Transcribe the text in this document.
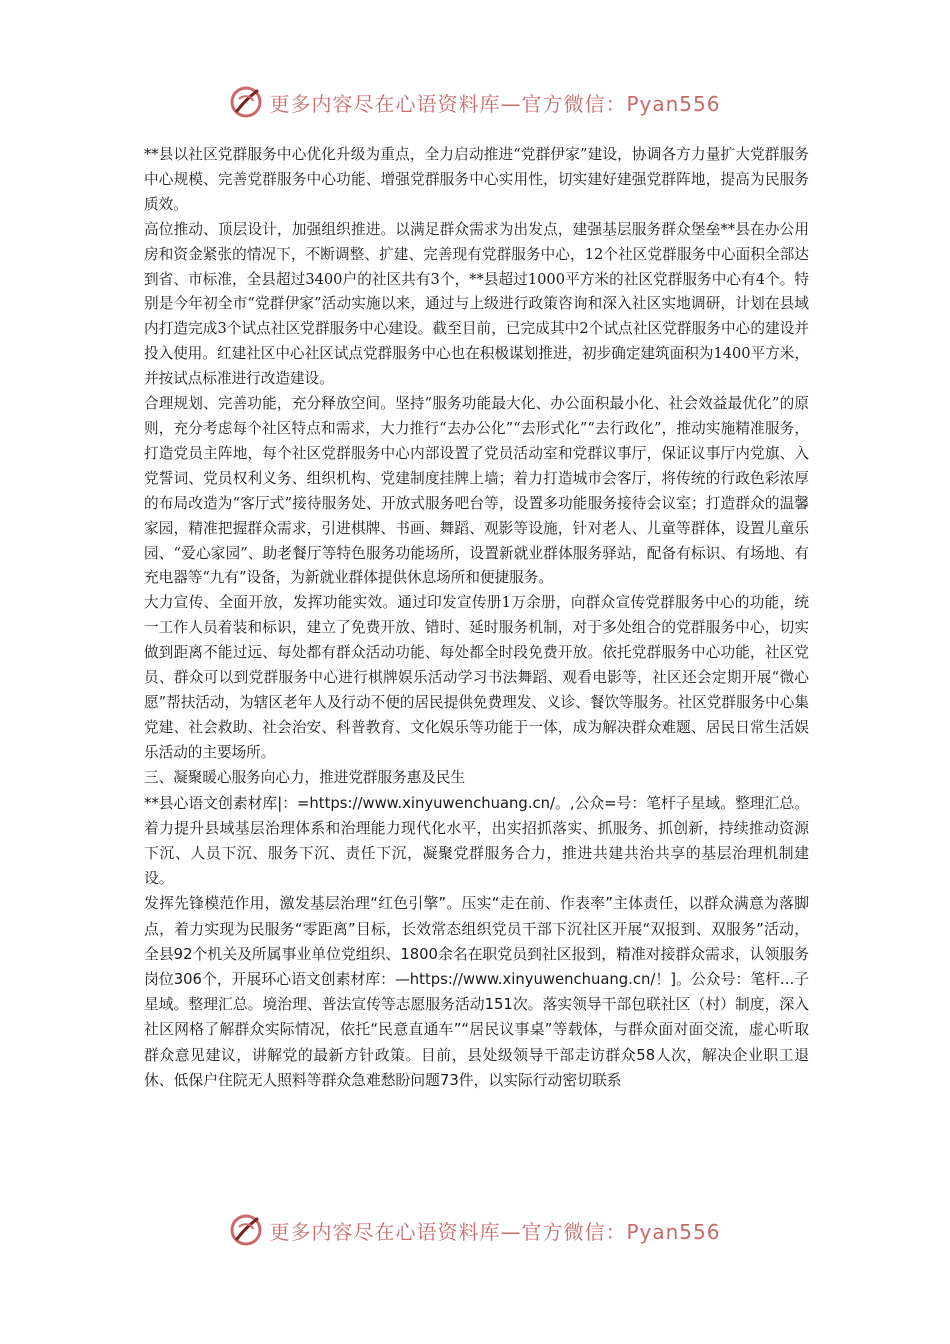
更多内容尽在心语资料库—官方微信：Pyan556

**县以社区党群服务中心优化升级为重点，全力启动推进“党群伊家”建设，协调各方力量扩大党群服务中心规模、完善党群服务中心功能、增强党群服务中心实用性，切实建好建强党群阵地，提高为民服务质效。

高位推动、顶层设计，加强组织推进。以满足群众需求为出发点，建强基层服务群众堡垒**县在办公用房和资金紧张的情况下，不断调整、扩建、完善现有党群服务中心，12个社区党群服务中心面积全部达到省、市标准，全县超过3400户的社区共有3个，**县超过1000平方米的社区党群服务中心有4个。特别是今年初全市“党群伊家”活动实施以来，通过与上级进行政策咨询和深入社区实地调研，计划在县域内打造完成3个试点社区党群服务中心建设。截至目前，已完成其中2个试点社区党群服务中心的建设并投入使用。红建社区中心社区试点党群服务中心也在积极谋划推进，初步确定建筑面积为1400平方米，并按试点标准进行改造建设。

合理规划、完善功能，充分释放空间。坚持“服务功能最大化、办公面积最小化、社会效益最优化”的原则，充分考虑每个社区特点和需求，大力推行“去办公化”“去形式化”“去行政化”，推动实施精准服务，打造党员主阵地，每个社区党群服务中心内部设置了党员活动室和党群议事厅，保证议事厅内党旗、入党誓词、党员权利义务、组织机构、党建制度挂牌上墙；着力打造城市会客厅，将传统的行政色彩浓厚的布局改造为“客厅式”接待服务处、开放式服务吧台等，设置多功能服务接待会议室；打造群众的温馨家园，精准把握群众需求，引进棋牌、书画、舞蹈、观影等设施，针对老人、儿童等群体，设置儿童乐园、“爱心家园”、助老餐厅等特色服务功能场所，设置新就业群体服务驿站，配备有标识、有场地、有充电器等“九有”设备，为新就业群体提供休息场所和便捷服务。

大力宣传、全面开放，发挥功能实效。通过印发宣传册1万余册，向群众宣传党群服务中心的功能，统一工作人员着装和标识，建立了免费开放、错时、延时服务机制，对于多处组合的党群服务中心，切实做到距离不能过远、每处都有群众活动功能、每处都全时段免费开放。依托党群服务中心功能，社区党员、群众可以到党群服务中心进行棋牌娱乐活动学习书法舞蹈、观看电影等，社区还会定期开展“微心愿”帮扶活动，为辖区老年人及行动不便的居民提供免费理发、义诊、餐饮等服务。社区党群服务中心集党建、社会救助、社会治安、科普教育、文化娱乐等功能于一体，成为解决群众难题、居民日常生活娱乐活动的主要场所。

三、凝聚暖心服务向心力，推进党群服务惠及民生

**县心语文创素材库|：=https://www.xinyuwenchuang.cn/。,公众=号：笔杆子星域。整理汇总。着力提升县域基层治理体系和治理能力现代化水平，出实招抓落实、抓服务、抓创新，持续推动资源下沉、人员下沉、服务下沉、责任下沉，凝聚党群服务合力，推进共建共治共享的基层治理机制建设。

发挥先锋模范作用，激发基层治理“红色引擎”。压实“走在前、作表率”主体责任，以群众满意为落脚点，着力实现为民服务“零距离”目标，长效常态组织党员干部下沉社区开展“双报到、双服务”活动，全县92个机关及所属事业单位党组织、1800余名在职党员到社区报到，精准对接群众需求，认领服务岗位306个，开展环心语文创素材库：—https://www.xinyuwenchuang.cn/！]。公众号：笔杆...子星域。整理汇总。境治理、普法宣传等志愿服务活动151次。落实领导干部包联社区（村）制度，深入社区网格了解群众实际情况，依托“民意直通车”“居民议事桌”等载体，与群众面对面交流，虚心听取群众意见建议，讲解党的最新方针政策。目前，县处级领导干部走访群众58人次，解决企业职工退休、低保户住院无人照料等群众急难愁盼问题73件，以实际行动密切联系

更多内容尽在心语资料库—官方微信：Pyan556
